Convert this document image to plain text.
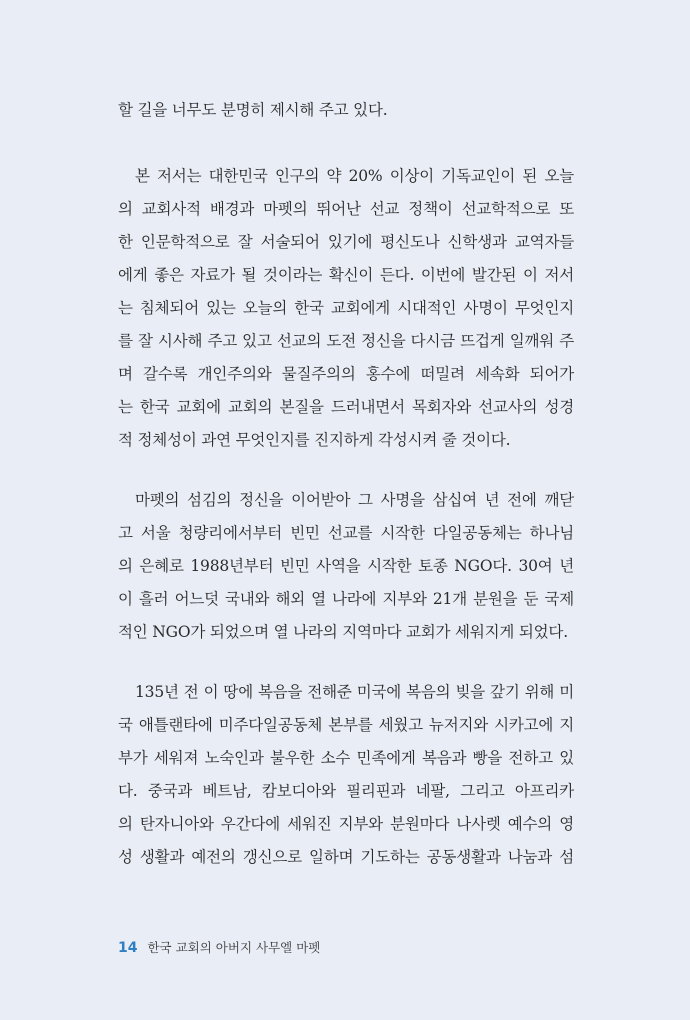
할 길을 너무도 분명히 제시해 주고 있다.
본 저서는 대한민국 인구의 약 20% 이상이 기독교인이 된 오늘
의 교회사적 배경과 마펫의 뛰어난 선교 정책이 선교학적으로 또
한 인문학적으로 잘 서술되어 있기에 평신도나 신학생과 교역자들
에게 좋은 자료가 될 것이라는 확신이 든다. 이번에 발간된 이 저서
는 침체되어 있는 오늘의 한국 교회에게 시대적인 사명이 무엇인지
를 잘 시사해 주고 있고 선교의 도전 정신을 다시금 뜨겁게 일깨워 주
며 갈수록 개인주의와 물질주의의 홍수에 떠밀려 세속화 되어가
는 한국 교회에 교회의 본질을 드러내면서 목회자와 선교사의 성경
적 정체성이 과연 무엇인지를 진지하게 각성시켜 줄 것이다.
마펫의 섬김의 정신을 이어받아 그 사명을 삼십여 년 전에 깨닫
고 서울 청량리에서부터 빈민 선교를 시작한 다일공동체는 하나님
의 은혜로 1988년부터 빈민 사역을 시작한 토종 NGO다. 30여 년
이 흘러 어느덧 국내와 해외 열 나라에 지부와 21개 분원을 둔 국제
적인 NGO가 되었으며 열 나라의 지역마다 교회가 세워지게 되었다.
135년 전 이 땅에 복음을 전해준 미국에 복음의 빚을 갚기 위해 미
국 애틀랜타에 미주다일공동체 본부를 세웠고 뉴저지와 시카고에 지
부가 세워져 노숙인과 불우한 소수 민족에게 복음과 빵을 전하고 있
다. 중국과 베트남, 캄보디아와 필리핀과 네팔, 그리고 아프리카
의 탄자니아와 우간다에 세워진 지부와 분원마다 나사렛 예수의 영
성 생활과 예전의 갱신으로 일하며 기도하는 공동생활과 나눔과 섬
14 한국 교회의 아버지 사무엘 마펫
